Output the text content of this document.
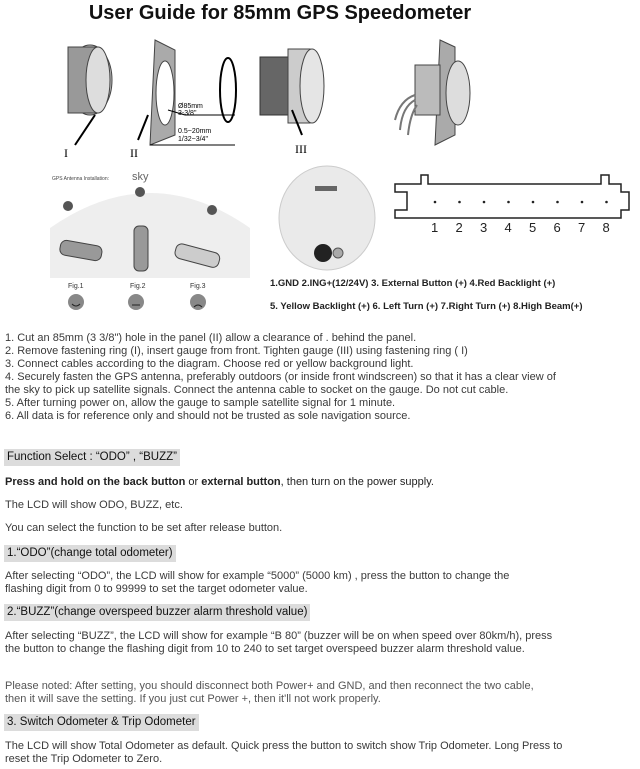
User Guide for 85mm GPS Speedometer
I	II
Ø85mm
3-3/8"
0.5~20mm
1/32~3/4"
III
GPS Antenna Installation: sky
Fig.1	Fig.2	Fig.3
1 2 3 4 5 6 7 8
1.GND 2.ING+(12/24V) 3. External Button (+) 4.Red Backlight (+)
5. Yellow Backlight (+) 6. Left Turn (+) 7.Right Turn (+) 8.High Beam(+)
1. Cut an 85mm (3 3/8") hole in the panel (II) allow a clearance of . behind the panel.
2. Remove fastening ring (I), insert gauge from front. Tighten gauge (III) using fastening ring ( I)
3. Connect cables according to the diagram. Choose red or yellow background light.
4. Securely fasten the GPS antenna, preferably outdoors (or inside front windscreen) so that it has a clear view of the sky to pick up satellite signals. Connect the antenna cable to socket on the gauge. Do not cut cable.
5. After turning power on, allow the gauge to sample satellite signal for 1 minute.
6. All data is for reference only and should not be trusted as sole navigation source.
Function Select : “ODO” , “BUZZ”
Press and hold on the back button or external button, then turn on the power supply.
The LCD will show ODO, BUZZ, etc.
You can select the function to be set after release button.
1.“ODO”(change total odometer)
After selecting “ODO”, the LCD will show for example “5000” (5000 km) , press the button to change the flashing digit from 0 to 99999 to set the target odometer value.
2.“BUZZ”(change overspeed buzzer alarm threshold value)
After selecting “BUZZ”, the LCD will show for example “B 80” (buzzer will be on when speed over 80km/h), press the button to change the flashing digit from 10 to 240 to set target overspeed buzzer alarm threshold value.
Please noted: After setting, you should disconnect both Power+ and GND, and then reconnect the two cable, then it will save the setting. If you just cut Power +, then it'll not work properly.
3. Switch Odometer & Trip Odometer
The LCD will show Total Odometer as default. Quick press the button to switch show Trip Odometer. Long Press to reset the Trip Odometer to Zero.
